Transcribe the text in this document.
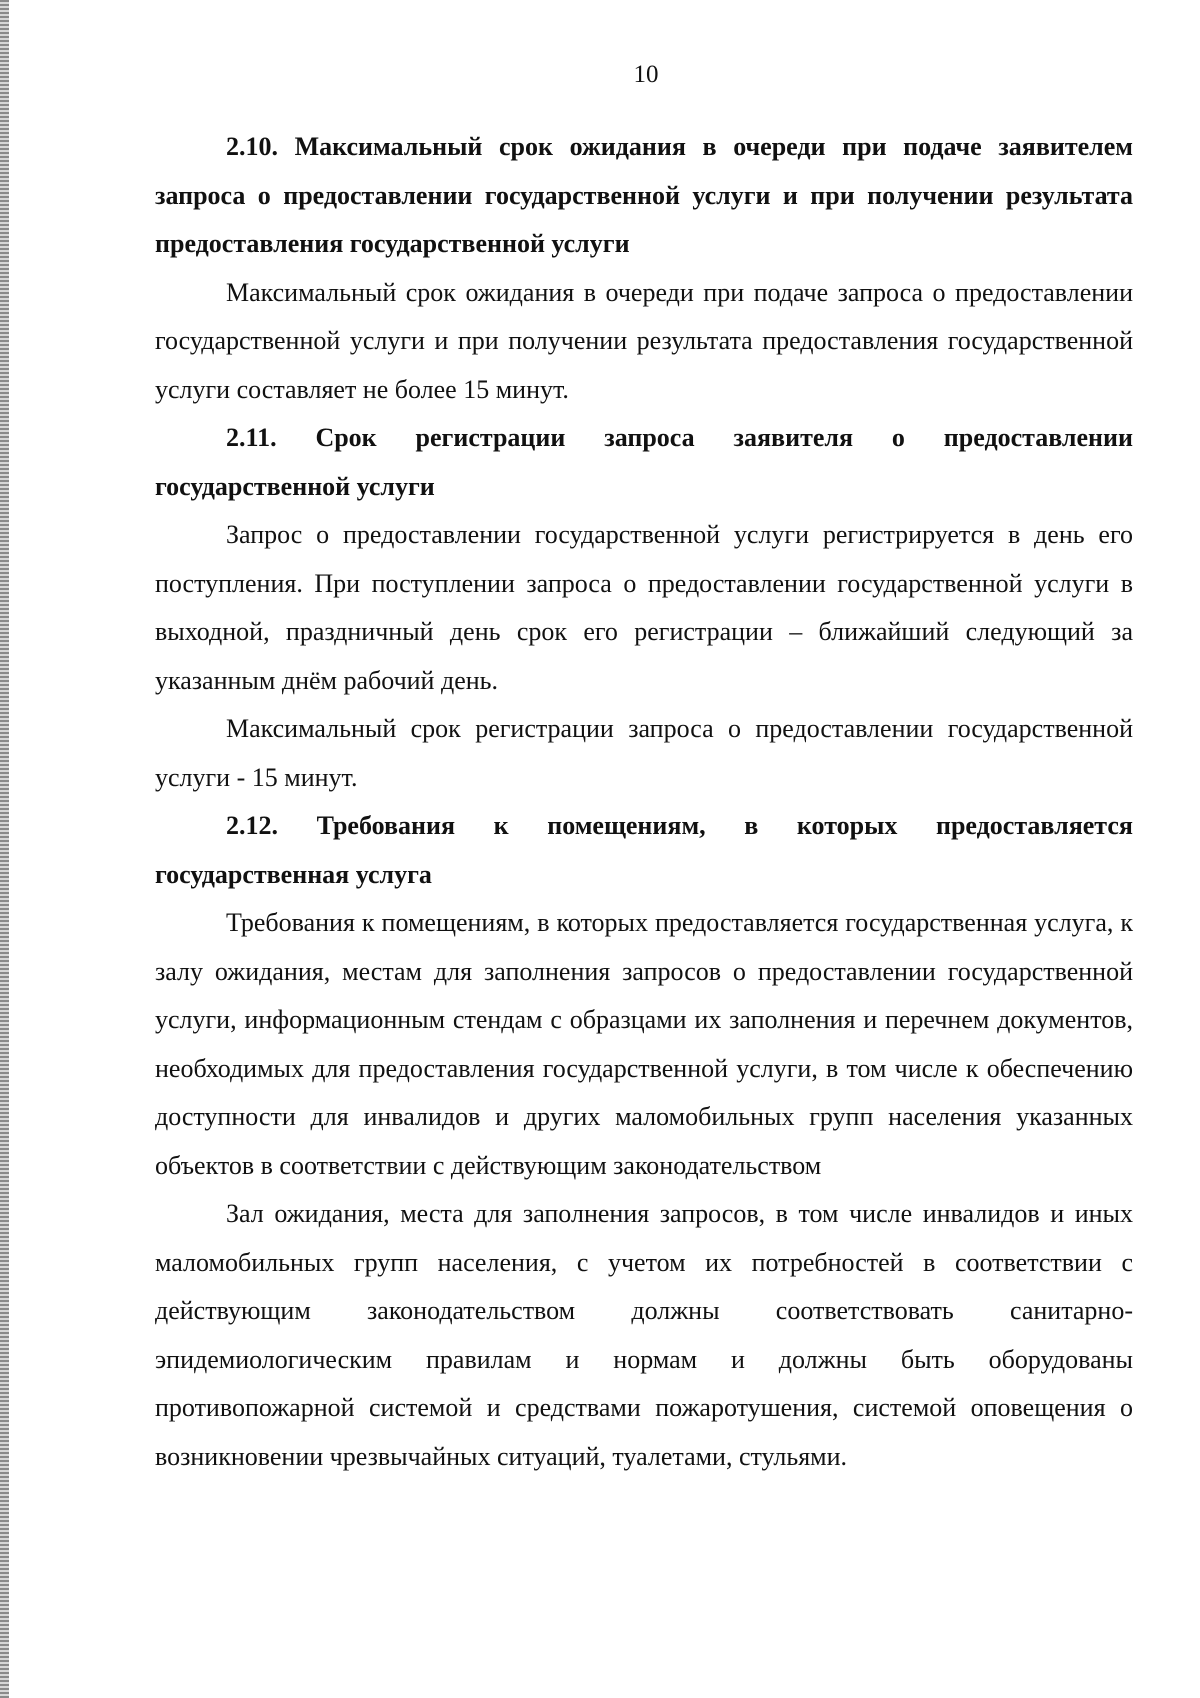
10

2.10. Максимальный срок ожидания в очереди при подаче заявителем запроса о предоставлении государственной услуги и при получении результата предоставления государственной услуги

Максимальный срок ожидания в очереди при подаче запроса о предоставлении государственной услуги и при получении результата предоставления государственной услуги составляет не более 15 минут.

2.11. Срок регистрации запроса заявителя о предоставлении государственной услуги

Запрос о предоставлении государственной услуги регистрируется в день его поступления. При поступлении запроса о предоставлении государственной услуги в выходной, праздничный день срок его регистрации – ближайший следующий за указанным днём рабочий день.

Максимальный срок регистрации запроса о предоставлении государственной услуги - 15 минут.

2.12. Требования к помещениям, в которых предоставляется государственная услуга

Требования к помещениям, в которых предоставляется государственная услуга, к залу ожидания, местам для заполнения запросов о предоставлении государственной услуги, информационным стендам с образцами их заполнения и перечнем документов, необходимых для предоставления государственной услуги, в том числе к обеспечению доступности для инвалидов и других маломобильных групп населения указанных объектов в соответствии с действующим законодательством

Зал ожидания, места для заполнения запросов, в том числе инвалидов и иных маломобильных групп населения, с учетом их потребностей в соответствии с действующим законодательством должны соответствовать санитарно-эпидемиологическим правилам и нормам и должны быть оборудованы противопожарной системой и средствами пожаротушения, системой оповещения о возникновении чрезвычайных ситуаций, туалетами, стульями.
